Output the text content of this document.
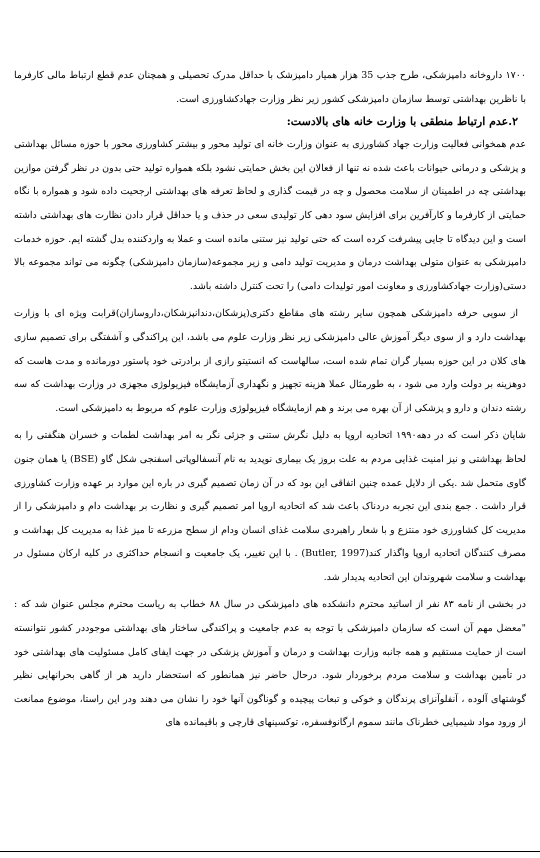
۱۷۰۰ داروخانه دامپزشکی، طرح جذب 35 هزار همیار دامپزشک با حداقل مدرک تحصیلی و همچنان عدم قطع ارتباط مالی کارفرما با ناظرین بهداشتی توسط سازمان دامپزشکی کشور زیر نظر وزارت جهادکشاورزی است.

۲.عدم ارتباط منطقی با وزارت خانه های بالادست:

عدم همخوانی فعالیت وزارت جهاد کشاورزی به عنوان وزارت خانه ای تولید محور و بیشتر کشاورزی محور با حوزه مسائل بهداشتی و پزشکی و درمانی حیوانات باعث شده نه تنها از فعالان این بخش حمایتی نشود بلکه همواره تولید حتی بدون در نظر گرفتن موازین بهداشتی چه در اطمینان از سلامت محصول و چه در قیمت گذاری و لحاظ تعرفه های بهداشتی ارجحیت داده شود و همواره با نگاه حمایتی از کارفرما و کارآفرین برای افزایش سود دهی کار تولیدی سعی در حذف و یا حداقل قرار دادن نظارت های بهداشتی داشته است و این دیدگاه تا جایی پیشرفت کرده است که حتی تولید نیز ستنی مانده است و عملا به واردکننده بدل گشته ایم. حوزه خدمات دامپزشکی به عنوان متولی بهداشت درمان و مدیریت تولید دامی و زیر مجموعه(سازمان دامپزشکی) چگونه می تواند مجموعه بالا دستی(وزارت جهادکشاورزی و معاونت امور تولیدات دامی) را تحت کنترل داشته باشد.

از سویی حرفه دامپزشکی همچون سایر رشته های مقاطع دکتری(پزشکان،دندانپزشکان،داروسازان)قرابت ویژه ای با وزارت بهداشت دارد و از سوی دیگر آموزش عالی دامپزشکی زیر نظر وزارت علوم می باشد، این پراکندگی و آشفتگی برای تصمیم سازی های کلان در این حوزه بسیار گران تمام شده است، سالهاست که انستیتو رازی از برادرتی خود پاستور دورمانده و مدت هاست که دوهزینه بر دولت وارد می شود ، به طورمثال عملا هزینه تجهیز و نگهداری آزمایشگاه فیزیولوژی مجهزی در وزارت بهداشت که سه رشته دندان و دارو و پزشکی از آن بهره می برند و هم ازمایشگاه فیزیولوژی وزارت علوم که مربوط به دامپزشکی است.

شایان ذکر است که در دهه۱۹۹۰ اتحادیه اروپا به دلیل نگرش ستنی و جزئی نگر به امر بهداشت لطمات و خسران هنگفتی را به لحاظ بهداشتی و نیز امنیت غذایی مردم به علت بروز یک بیماری نوپدید به نام آنسفالوپاتی اسفنجی شکل گاو (BSE) یا همان جنون گاوی متحمل شد .یکی از دلایل عمده چنین اتفاقی این بود که در آن زمان تصمیم گیری در باره این موارد بر عهده وزارت کشاورزی قرار داشت . جمع بندی این تجربه دردناک باعث شد که اتحادیه اروپا امر تصمیم گیری و نظارت بر بهداشت دام و دامپزشکی را از مدیریت کل کشاورزی خود منتزع و با شعار راهبردی سلامت غذای انسان ودام از سطح مزرعه تا میز غذا به مدیریت کل بهداشت و مصرف کنندگان اتحادیه اروپا واگذار کند(Butler, 1997) . با این تغییر، یک جامعیت و انسجام حداکثری در کلیه ارکان مسئول در بهداشت و سلامت شهروندان این اتحادیه پدیدار شد.

در بخشی از نامه ۸۳ نفر از اساتید محترم دانشکده های دامپزشکی در سال ۸۸ خطاب به ریاست محترم مجلس عنوان شد که : "معضل مهم آن است که سازمان دامپزشکی با توجه به عدم جامعیت و پراکندگی ساختار های بهداشتی موجوددر کشور نتوانسته است از حمایت مستقیم و همه جانبه وزارت بهداشت و درمان و آموزش پزشکی در جهت ایفای کامل مسئولیت های بهداشتی خود در تأمین بهداشت و سلامت مردم برخوردار شود. درحال حاضر نیز همانطور که استحضار دارید هر از گاهی بحرانهایی نظیر گوشتهای آلوده ، آنفلوآنزای پرندگان و خوکی و تبعات پیچیده و گوناگون آنها خود را نشان می دهند ودر این راستا، موضوع ممانعت از ورود مواد شیمیایی خطرناک مانند سموم ارگانوفسفره، توکسینهای قارچی و باقیمانده های
